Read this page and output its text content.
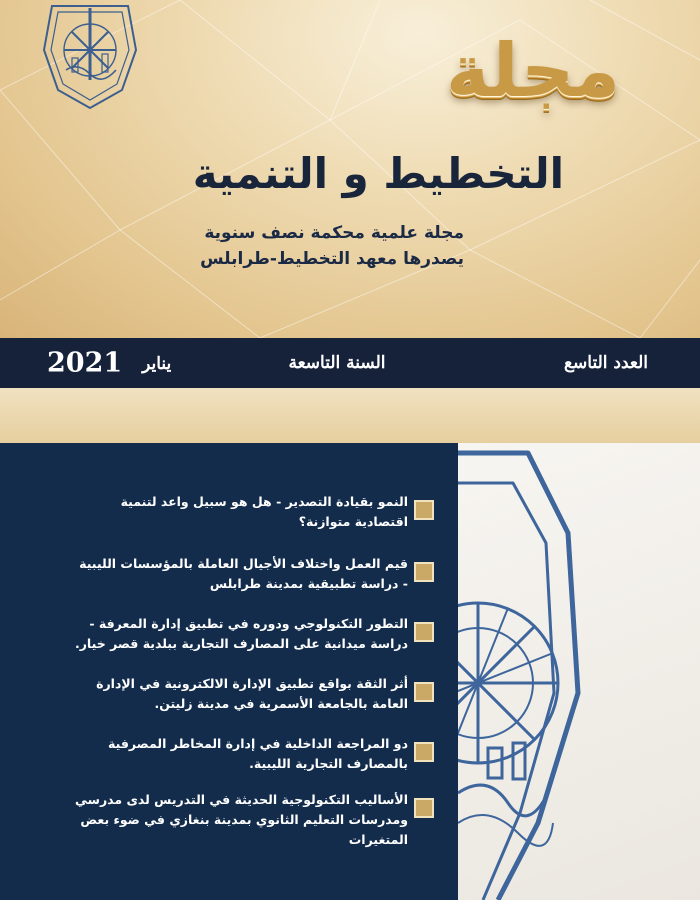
مجلة
التخطيط و التنمية
مجلة علمية محكمة نصف سنوية
يصدرها معهد التخطيط-طرابلس
العدد التاسع
السنة التاسعة
2021 يناير
النمو بقيادة التصدير - هل هو سبيل واعد لتنمية اقتصادية متوازنة؟
قيم العمل واختلاف الأجيال العاملة بالمؤسسات الليبية - دراسة تطبيقية بمدينة طرابلس
التطور التكنولوجي ودوره في تطبيق إدارة المعرفة - دراسة ميدانية على المصارف التجارية ببلدية قصر خيار.
أثر الثقة بواقع تطبيق الإدارة الالكترونية في الإدارة العامة بالجامعة الأسمرية في مدينة زليتن.
دو المراجعة الداخلية في إدارة المخاطر المصرفية بالمصارف التجارية الليبية.
الأساليب التكنولوجية الحديثة في التدريس لدى مدرسي ومدرسات التعليم الثانوي بمدينة بنغازي في ضوء بعض المتغيرات
